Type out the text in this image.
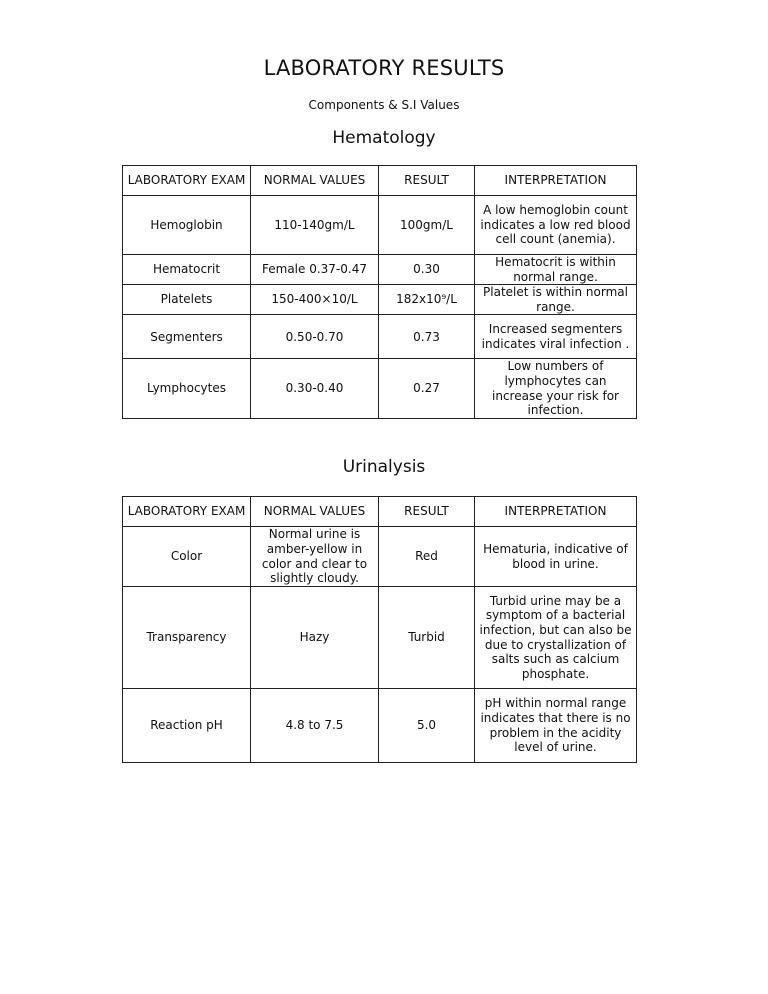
LABORATORY RESULTS
Components & S.I Values
Hematology
LABORATORY EXAM	NORMAL VALUES	RESULT	INTERPRETATION
Hemoglobin	110-140gm/L	100gm/L	A low hemoglobin count indicates a low red blood cell count (anemia).
Hematocrit	Female 0.37-0.47	0.30	Hematocrit is within normal range.
Platelets	150-400×10/L	182x10⁹/L	Platelet is within normal range.
Segmenters	0.50-0.70	0.73	Increased segmenters indicates viral infection .
Lymphocytes	0.30-0.40	0.27	Low numbers of lymphocytes can increase your risk for infection.
Urinalysis
LABORATORY EXAM	NORMAL VALUES	RESULT	INTERPRETATION
Color	Normal urine is amber-yellow in color and clear to slightly cloudy.	Red	Hematuria, indicative of blood in urine.
Transparency	Hazy	Turbid	Turbid urine may be a symptom of a bacterial infection, but can also be due to crystallization of salts such as calcium phosphate.
Reaction pH	4.8 to 7.5	5.0	pH within normal range indicates that there is no problem in the acidity level of urine.
